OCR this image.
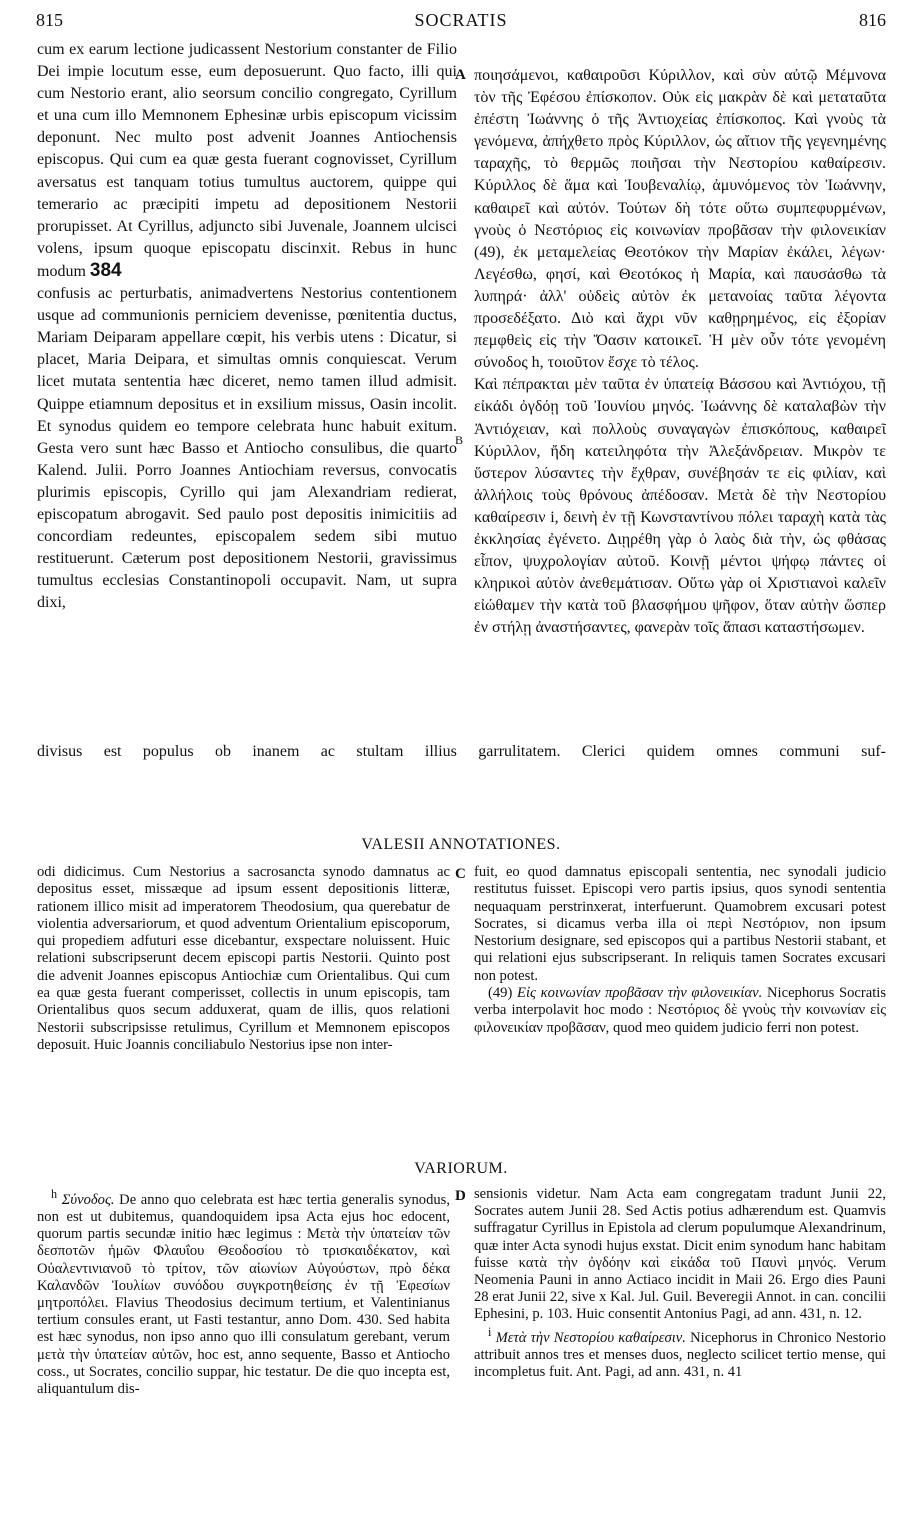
815	SOCRATIS	816

cum ex earum lectione judicassent Nestorium constanter de Filio Dei impie locutum esse, eum deposuerunt. Quo facto, illi qui cum Nestorio erant, alio seorsum concilio congregato, Cyrillum et una cum illo Memnonem Ephesinæ urbis episcopum vicissim deponunt. Nec multo post advenit Joannes Antiochensis episcopus. Qui cum ea quæ gesta fuerant cognovisset, Cyrillum aversatus est tanquam totius tumultus auctorem, quippe qui temerario ac præcipiti impetu ad depositionem Nestorii prorupisset. At Cyrillus, adjuncto sibi Juvenale, Joannem ulcisci volens, ipsum quoque episcopatu discinxit. Rebus in hunc modum 384

confusis ac perturbatis, animadvertens Nestorius contentionem usque ad communionis perniciem devenisse, pœnitentia ductus, Mariam Deiparam appellare cœpit, his verbis utens : Dicatur, si placet, Maria Deipara, et simultas omnis conquiescat. Verum licet mutata sententia hæc diceret, nemo tamen illud admisit. Quippe etiamnum depositus et in exsilium missus, Oasin incolit. Et synodus quidem eo tempore celebrata hunc habuit exitum. Gesta vero sunt hæc Basso et Antiocho consulibus, die quarto Kalend. Julii. Porro Joannes Antiochiam reversus, convocatis plurimis episcopis, Cyrillo qui jam Alexandriam redierat, episcopatum abrogavit. Sed paulo post depositis inimicitiis ad concordiam redeuntes, episcopalem sedem sibi mutuo restituerunt. Cæterum post depositionem Nestorii, gravissimus tumultus ecclesias Constantinopoli occupavit. Nam, ut supra dixi,

A
B

ποιησάμενοι, καθαιροῦσι Κύριλλον, καὶ σὺν αὐτῷ Μέμνονα τὸν τῆς Ἐφέσου ἐπίσκοπον. Οὐκ εἰς μακρὰν δὲ καὶ μεταταῦτα ἐπέστη Ἰωάννης ὁ τῆς Ἀντιοχείας ἐπίσκοπος. Καὶ γνοὺς τὰ γενόμενα, ἀπήχθετο πρὸς Κύριλλον, ὡς αἴτιον τῆς γεγενημένης ταραχῆς, τὸ θερμῶς ποιῆσαι τὴν Νεστορίου καθαίρεσιν. Κύριλλος δὲ ἅμα καὶ Ἰουβεναλίῳ, ἀμυνόμενος τὸν Ἰωάννην, καθαιρεῖ καὶ αὐτόν. Τούτων δὴ τότε οὕτω συμπεφυρμένων, γνοὺς ὁ Νεστόριος εἰς κοινωνίαν προβᾶσαν τὴν φιλονεικίαν (49), ἐκ μεταμελείας Θεοτόκον τὴν Μαρίαν ἐκάλει, λέγων· Λεγέσθω, φησί, καὶ Θεοτόκος ἡ Μαρία, καὶ παυσάσθω τὰ λυπηρά· ἀλλ' οὐδεὶς αὐτὸν ἐκ μετανοίας ταῦτα λέγοντα προσεδέξατο. Διὸ καὶ ἄχρι νῦν καθῃρημένος, εἰς ἐξορίαν πεμφθεὶς εἰς τὴν Ὄασιν κατοικεῖ. Ἡ μὲν οὖν τότε γενομένη σύνοδος h, τοιοῦτον ἔσχε τὸ τέλος.

Καὶ πέπρακται μὲν ταῦτα ἐν ὑπατείᾳ Βάσσου καὶ Ἀντιόχου, τῇ εἰκάδι ὀγδόῃ τοῦ Ἰουνίου μηνός. Ἰωάννης δὲ καταλαβὼν τὴν Ἀντιόχειαν, καὶ πολλοὺς συναγαγὼν ἐπισκόπους, καθαιρεῖ Κύριλλον, ἤδη κατειληφότα τὴν Ἀλεξάνδρειαν. Μικρὸν τε ὕστερον λύσαντες τὴν ἔχθραν, συνέβησάν τε εἰς φιλίαν, καὶ ἀλλήλοις τοὺς θρόνους ἀπέδοσαν. Μετὰ δὲ τὴν Νεστορίου καθαίρεσιν i, δεινὴ ἐν τῇ Κωνσταντίνου πόλει ταραχὴ κατὰ τὰς ἐκκλησίας ἐγένετο. Διῃρέθη γὰρ ὁ λαὸς διὰ τὴν, ὡς φθάσας εἶπον, ψυχρολογίαν αὐτοῦ. Κοινῇ μέντοι ψήφῳ πάντες οἱ κληρικοὶ αὐτὸν ἀνεθεμάτισαν. Οὕτω γὰρ οἱ Χριστιανοὶ καλεῖν εἰώθαμεν τὴν κατὰ τοῦ βλασφήμου ψῆφον, ὅταν αὐτὴν ὥσπερ ἐν στήλῃ ἀναστήσαντες, φανερὰν τοῖς ἅπασι καταστήσωμεν.

divisus est populus ob inanem ac stultam illius garrulitatem. Clerici quidem omnes communi suf-
VALESII ANNOTATIONES.
odi didicimus. Cum Nestorius a sacrosancta synodo damnatus ac depositus esset, missæque ad ipsum essent depositionis litteræ, rationem illico misit ad imperatorem Theodosium, qua querebatur de violentia adversariorum, et quod adventum Orientalium episcoporum, qui propediem adfuturi esse dicebantur, exspectare noluissent. Huic relationi subscripserunt decem episcopi partis Nestorii. Quinto post die advenit Joannes episcopus Antiochiæ cum Orientalibus. Qui cum ea quæ gesta fuerant comperisset, collectis in unum episcopis, tam Orientalibus quos secum adduxerat, quam de illis, quos relationi Nestorii subscripsisse retulimus, Cyrillum et Memnonem episcopos deposuit. Huic Joannis conciliabulo Nestorius ipse non inter-
C fuit, eo quod damnatus episcopali sententia, nec synodali judicio restitutus fuisset. Episcopi vero partis ipsius, quos synodi sententia nequaquam perstrinxerat, interfuerunt. Quamobrem excusari potest Socrates, si dicamus verba illa οἱ περὶ Νεστόριον, non ipsum Nestorium designare, sed episcopos qui a partibus Nestorii stabant, et qui relationi ejus subscripserant. In reliquis tamen Socrates excusari non potest.

(49) Εἰς κοινωνίαν προβᾶσαν τὴν φιλονεικίαν. Nicephorus Socratis verba interpolavit hoc modo : Νεστόριος δὲ γνοὺς τὴν κοινωνίαν εἰς φιλονεικίαν προβᾶσαν, quod meo quidem judicio ferri non potest.

VARIORUM.

$^h$ Σύνοδος. De anno quo celebrata est hæc tertia generalis synodus, non est ut dubitemus, quandoquidem ipsa Acta ejus hoc edocent, quorum partis secundæ initio hæc legimus : Μετὰ τὴν ὑπατείαν τῶν δεσποτῶν ἡμῶν Φλαυΐου Θεοδοσίου τὸ τρισκαιδέκατον, καὶ Οὐαλεντινιανοῦ τὸ τρίτον, τῶν αἰωνίων Αὐγούστων, πρὸ δέκα Καλανδῶν Ἰουλίων συνόδου συγκροτηθείσης ἐν τῇ Ἐφεσίων μητροπόλει. Flavius Theodosius decimum tertium, et Valentinianus tertium consules erant, ut Fasti testantur, anno Dom. 430. Sed habita est hæc synodus, non ipso anno quo illi consulatum gerebant, verum μετὰ τὴν ὑπατείαν αὐτῶν, hoc est, anno sequente, Basso et Antiocho coss., ut Socrates, concilio suppar, hic testatur. De die quo incepta est, aliquantulum dis-

D sensionis videtur. Nam Acta eam congregatam tradunt Junii 22, Socrates autem Junii 28. Sed Actis potius adhærendum est. Quamvis suffragatur Cyrillus in Epistola ad clerum populumque Alexandrinum, quæ inter Acta synodi hujus exstat. Dicit enim synodum hanc habitam fuisse κατὰ τὴν ὀγδόην καὶ εἰκάδα τοῦ Παυνὶ μηνός. Verum Neomenia Pauni in anno Actiaco incidit in Maii 26. Ergo dies Pauni 28 erat Junii 22, sive x Kal. Jul. Guil. Beveregii Annot. in can. concilii Ephesini, p. 103. Huic consentit Antonius Pagi, ad ann. 431, n. 12.

$^i$ Μετὰ τὴν Νεστορίου καθαίρεσιν. Nicephorus in Chronico Nestorio attribuit annos tres et menses duos, neglecto scilicet tertio mense, qui incompletus fuit. Ant. Pagi, ad ann. 431, n. 41
